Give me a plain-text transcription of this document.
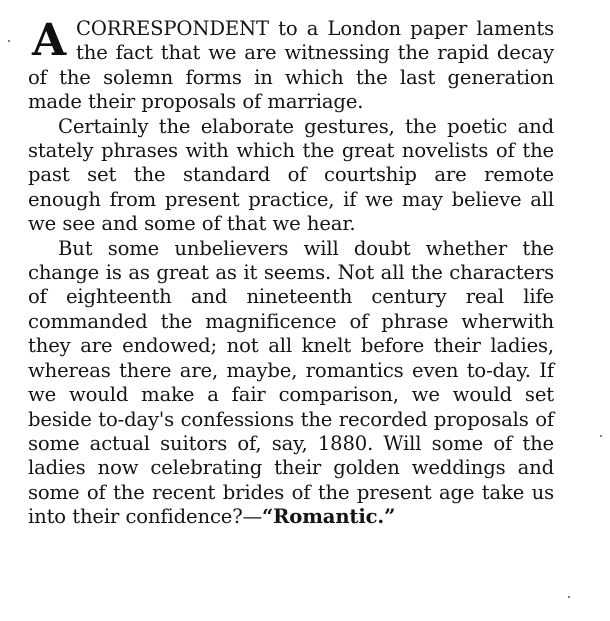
A CORRESPONDENT to a London paper laments the fact that we are witnessing the rapid decay of the solemn forms in which the last generation made their proposals of marriage.

Certainly the elaborate gestures, the poetic and stately phrases with which the great novelists of the past set the standard of courtship are remote enough from present practice, if we may believe all we see and some of that we hear.

But some unbelievers will doubt whether the change is as great as it seems. Not all the characters of eighteenth and nineteenth century real life commanded the magnificence of phrase wherwith they are endowed; not all knelt before their ladies, whereas there are, maybe, romantics even to-day. If we would make a fair comparison, we would set beside to-day's confessions the recorded proposals of some actual suitors of, say, 1880. Will some of the ladies now celebrating their golden weddings and some of the recent brides of the present age take us into their confidence?—“Romantic.”
